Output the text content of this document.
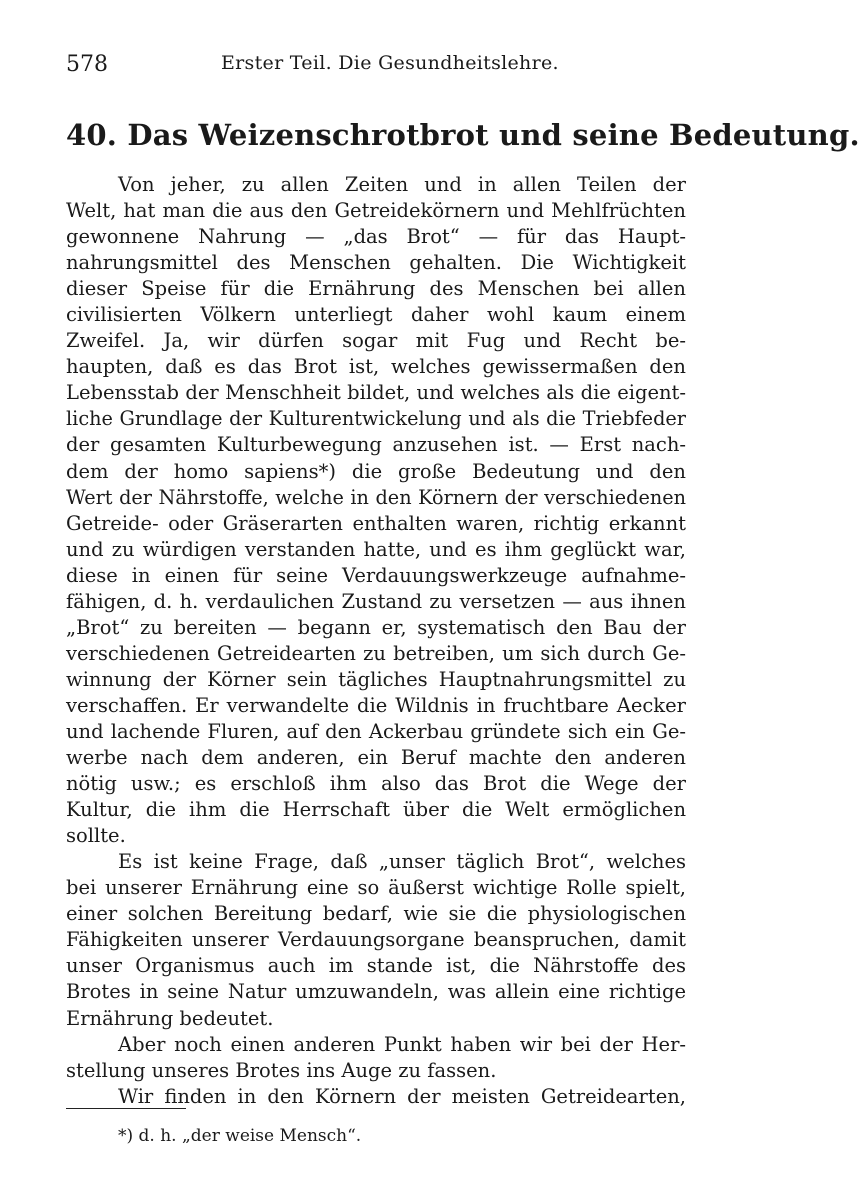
578	Erster Teil. Die Gesundheitslehre.
40. Das Weizenschrotbrot und seine Bedeutung.
Von jeher, zu allen Zeiten und in allen Teilen der
Welt, hat man die aus den Getreidekörnern und Mehlfrüchten
gewonnene Nahrung — „das Brot“ — für das Haupt-
nahrungsmittel des Menschen gehalten. Die Wichtigkeit
dieser Speise für die Ernährung des Menschen bei allen
civilisierten Völkern unterliegt daher wohl kaum einem
Zweifel. Ja, wir dürfen sogar mit Fug und Recht be-
haupten, daß es das Brot ist, welches gewissermaßen den
Lebensstab der Menschheit bildet, und welches als die eigent-
liche Grundlage der Kulturentwickelung und als die Triebfeder
der gesamten Kulturbewegung anzusehen ist. — Erst nach-
dem der homo sapiens*) die große Bedeutung und den
Wert der Nährstoffe, welche in den Körnern der verschiedenen
Getreide- oder Gräserarten enthalten waren, richtig erkannt
und zu würdigen verstanden hatte, und es ihm geglückt war,
diese in einen für seine Verdauungswerkzeuge aufnahme-
fähigen, d. h. verdaulichen Zustand zu versetzen — aus ihnen
„Brot“ zu bereiten — begann er, systematisch den Bau der
verschiedenen Getreidearten zu betreiben, um sich durch Ge-
winnung der Körner sein tägliches Hauptnahrungsmittel zu
verschaffen. Er verwandelte die Wildnis in fruchtbare Aecker
und lachende Fluren, auf den Ackerbau gründete sich ein Ge-
werbe nach dem anderen, ein Beruf machte den anderen
nötig usw.; es erschloß ihm also das Brot die Wege der
Kultur, die ihm die Herrschaft über die Welt ermöglichen
sollte.
Es ist keine Frage, daß „unser täglich Brot“, welches
bei unserer Ernährung eine so äußerst wichtige Rolle spielt,
einer solchen Bereitung bedarf, wie sie die physiologischen
Fähigkeiten unserer Verdauungsorgane beanspruchen, damit
unser Organismus auch im stande ist, die Nährstoffe des
Brotes in seine Natur umzuwandeln, was allein eine richtige
Ernährung bedeutet.
Aber noch einen anderen Punkt haben wir bei der Her-
stellung unseres Brotes ins Auge zu fassen.
Wir finden in den Körnern der meisten Getreidearten,
*) d. h. „der weise Mensch“.
